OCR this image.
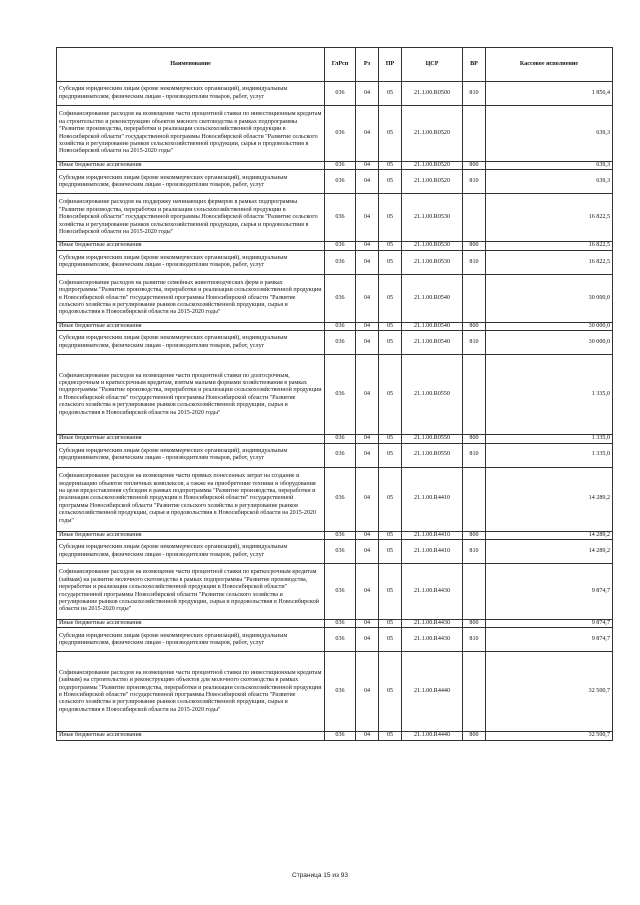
Наименование	ГлРсп	Рз	ПР	ЦСР	ВР	Кассовое исполнение
Субсидии юридическим лицам (кроме некоммерческих организаций), индивидуальным предпринимателям, физическим лицам - производителям товаров, работ, услуг	036	04	05	21.1.00.R0500	810	1 856,4
Софинансирование расходов на возмещение части процентной ставки по инвестиционным кредитам на строительство и реконструкцию объектов мясного скотоводства в рамках подпрограммы "Развитие производства, переработки и реализации сельскохозяйственной продукции в Новосибирской области" государственной программы Новосибирской области "Развитие сельского хозяйства и регулирование рынков сельскохозяйственной продукции, сырья и продовольствия в Новосибирской области на 2015-2020 годы"	036	04	05	21.1.00.R0520		639,3
Иные бюджетные ассигнования	036	04	05	21.1.00.R0520	800	639,3
Субсидии юридическим лицам (кроме некоммерческих организаций), индивидуальным предпринимателям, физическим лицам - производителям товаров, работ, услуг	036	04	05	21.1.00.R0520	810	639,3
Софинансирование расходов на поддержку начинающих фермеров в рамках подпрограммы "Развитие производства, переработки и реализации сельскохозяйственной продукции в Новосибирской области" государственной программы Новосибирской области "Развитие сельского хозяйства и регулирование рынков сельскохозяйственной продукции, сырья и продовольствия в Новосибирской области на 2015-2020 годы"	036	04	05	21.1.00.R0530		16 822,5
Иные бюджетные ассигнования	036	04	05	21.1.00.R0530	800	16 822,5
Субсидии юридическим лицам (кроме некоммерческих организаций), индивидуальным предпринимателям, физическим лицам - производителям товаров, работ, услуг	036	04	05	21.1.00.R0530	810	16 822,5
Софинансирование расходов на развитие семейных животноводческих ферм в рамках подпрограммы "Развитие производства, переработки и реализации сельскохозяйственной продукции в Новосибирской области" государственной программы Новосибирской области "Развитие сельского хозяйства и регулирование рынков сельскохозяйственной продукции, сырья и продовольствия в Новосибирской области на 2015-2020 годы"	036	04	05	21.1.00.R0540		30 000,0
Иные бюджетные ассигнования	036	04	05	21.1.00.R0540	800	30 000,0
Субсидии юридическим лицам (кроме некоммерческих организаций), индивидуальным предпринимателям, физическим лицам - производителям товаров, работ, услуг	036	04	05	21.1.00.R0540	810	30 000,0
Софинансирование расходов на возмещение части процентной ставки по долгосрочным, среднесрочным и краткосрочным кредитам, взятым малыми формами хозяйствования в рамках подпрограммы "Развитие производства, переработки и реализации сельскохозяйственной продукции в Новосибирской области" государственной программы Новосибирской области "Развитие сельского хозяйства и регулирование рынков сельскохозяйственной продукции, сырья и продовольствия в Новосибирской области на 2015-2020 годы"	036	04	05	21.1.00.R0550		1 335,0
Иные бюджетные ассигнования	036	04	05	21.1.00.R0550	800	1 335,0
Субсидии юридическим лицам (кроме некоммерческих организаций), индивидуальным предпринимателям, физическим лицам - производителям товаров, работ, услуг	036	04	05	21.1.00.R0550	810	1 335,0
Софинансирование расходов на возмещение части прямых понесенных затрат на создание и модернизацию объектов тепличных комплексов, а также на приобретение техники и оборудования на цели предоставления субсидии в рамках подпрограммы "Развитие производства, переработки и реализации сельскохозяйственной продукции в Новосибирской области" государственной программы Новосибирской области "Развитие сельского хозяйства и регулирование рынков сельскохозяйственной продукции, сырья и продовольствия в Новосибирской области на 2015-2020 годы"	036	04	05	21.1.00.R4410		14 289,2
Иные бюджетные ассигнования	036	04	05	21.1.00.R4410	800	14 289,2
Субсидии юридическим лицам (кроме некоммерческих организаций), индивидуальным предпринимателям, физическим лицам - производителям товаров, работ, услуг	036	04	05	21.1.00.R4410	810	14 289,2
Софинансирование расходов на возмещение части процентной ставки по краткосрочным кредитам (займам) на развитие молочного скотоводства в рамках подпрограммы "Развитие производства, переработки и реализации сельскохозяйственной продукции в Новосибирской области" государственной программы Новосибирской области "Развитие сельского хозяйства и регулирование рынков сельскохозяйственной продукции, сырья и продовольствия в Новосибирской области на 2015-2020 годы"	036	04	05	21.1.00.R4430		9 874,7
Иные бюджетные ассигнования	036	04	05	21.1.00.R4430	800	9 874,7
Субсидии юридическим лицам (кроме некоммерческих организаций), индивидуальным предпринимателям, физическим лицам - производителям товаров, работ, услуг	036	04	05	21.1.00.R4430	810	9 874,7
Софинансирование расходов на возмещение части процентной ставки по инвестиционным кредитам (займам) на строительство и реконструкцию объектов для молочного скотоводства в рамках подпрограммы "Развитие производства, переработки и реализации сельскохозяйственной продукции в Новосибирской области" государственной программы Новосибирской области "Развитие сельского хозяйства и регулирование рынков сельскохозяйственной продукции, сырья и продовольствия в Новосибирской области на 2015-2020 годы"	036	04	05	21.1.00.R4440		32 500,7
Иные бюджетные ассигнования	036	04	05	21.1.00.R4440	800	32 500,7
Страница 15 из 93
